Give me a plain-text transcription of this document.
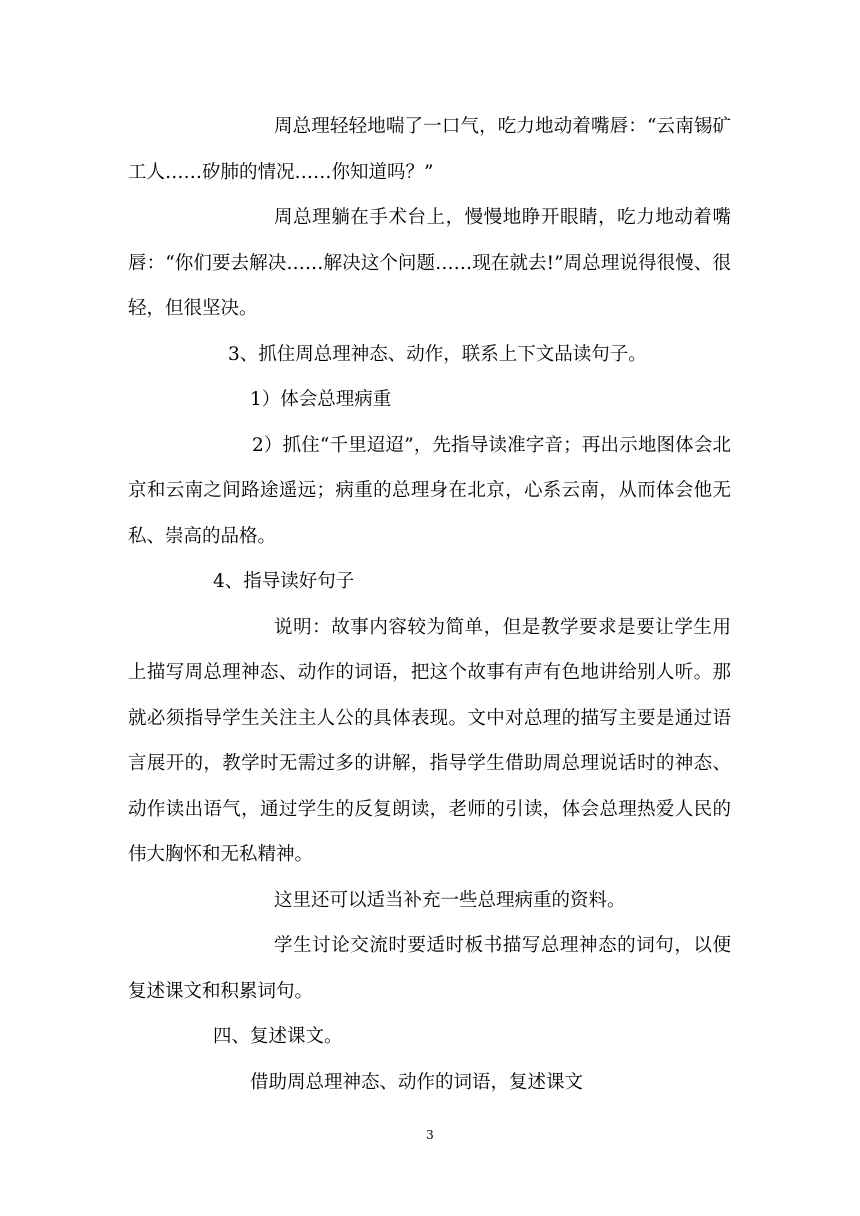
周总理轻轻地喘了一口气，吃力地动着嘴唇：“云南锡矿工人……矽肺的情况……你知道吗？”

周总理躺在手术台上，慢慢地睁开眼睛，吃力地动着嘴唇：“你们要去解决……解决这个问题……现在就去!”周总理说得很慢、很轻，但很坚决。

3、抓住周总理神态、动作，联系上下文品读句子。

1）体会总理病重

2）抓住“千里迢迢”，先指导读准字音；再出示地图体会北京和云南之间路途遥远；病重的总理身在北京，心系云南，从而体会他无私、崇高的品格。

4、指导读好句子

说明：故事内容较为简单，但是教学要求是要让学生用上描写周总理神态、动作的词语，把这个故事有声有色地讲给别人听。那就必须指导学生关注主人公的具体表现。文中对总理的描写主要是通过语言展开的，教学时无需过多的讲解，指导学生借助周总理说话时的神态、动作读出语气，通过学生的反复朗读，老师的引读，体会总理热爱人民的伟大胸怀和无私精神。

这里还可以适当补充一些总理病重的资料。

学生讨论交流时要适时板书描写总理神态的词句，以便复述课文和积累词句。

四、复述课文。

借助周总理神态、动作的词语，复述课文

3
